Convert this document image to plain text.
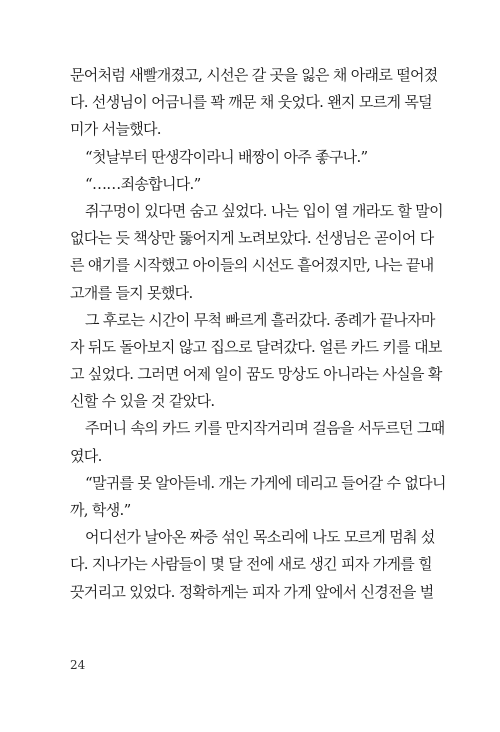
문어처럼 새빨개졌고, 시선은 갈 곳을 잃은 채 아래로 떨어졌
다. 선생님이 어금니를 꽉 깨문 채 웃었다. 왠지 모르게 목덜
미가 서늘했다.
“첫날부터 딴생각이라니 배짱이 아주 좋구나.”
“……죄송합니다.”
쥐구멍이 있다면 숨고 싶었다. 나는 입이 열 개라도 할 말이
없다는 듯 책상만 뚫어지게 노려보았다. 선생님은 곧이어 다
른 얘기를 시작했고 아이들의 시선도 흩어졌지만, 나는 끝내
고개를 들지 못했다.
그 후로는 시간이 무척 빠르게 흘러갔다. 종례가 끝나자마
자 뒤도 돌아보지 않고 집으로 달려갔다. 얼른 카드 키를 대보
고 싶었다. 그러면 어제 일이 꿈도 망상도 아니라는 사실을 확
신할 수 있을 것 같았다.
주머니 속의 카드 키를 만지작거리며 걸음을 서두르던 그때
였다.
“말귀를 못 알아듣네. 개는 가게에 데리고 들어갈 수 없다니
까, 학생.”
어디선가 날아온 짜증 섞인 목소리에 나도 모르게 멈춰 섰
다. 지나가는 사람들이 몇 달 전에 새로 생긴 피자 가게를 힐
끗거리고 있었다. 정확하게는 피자 가게 앞에서 신경전을 벌
24
